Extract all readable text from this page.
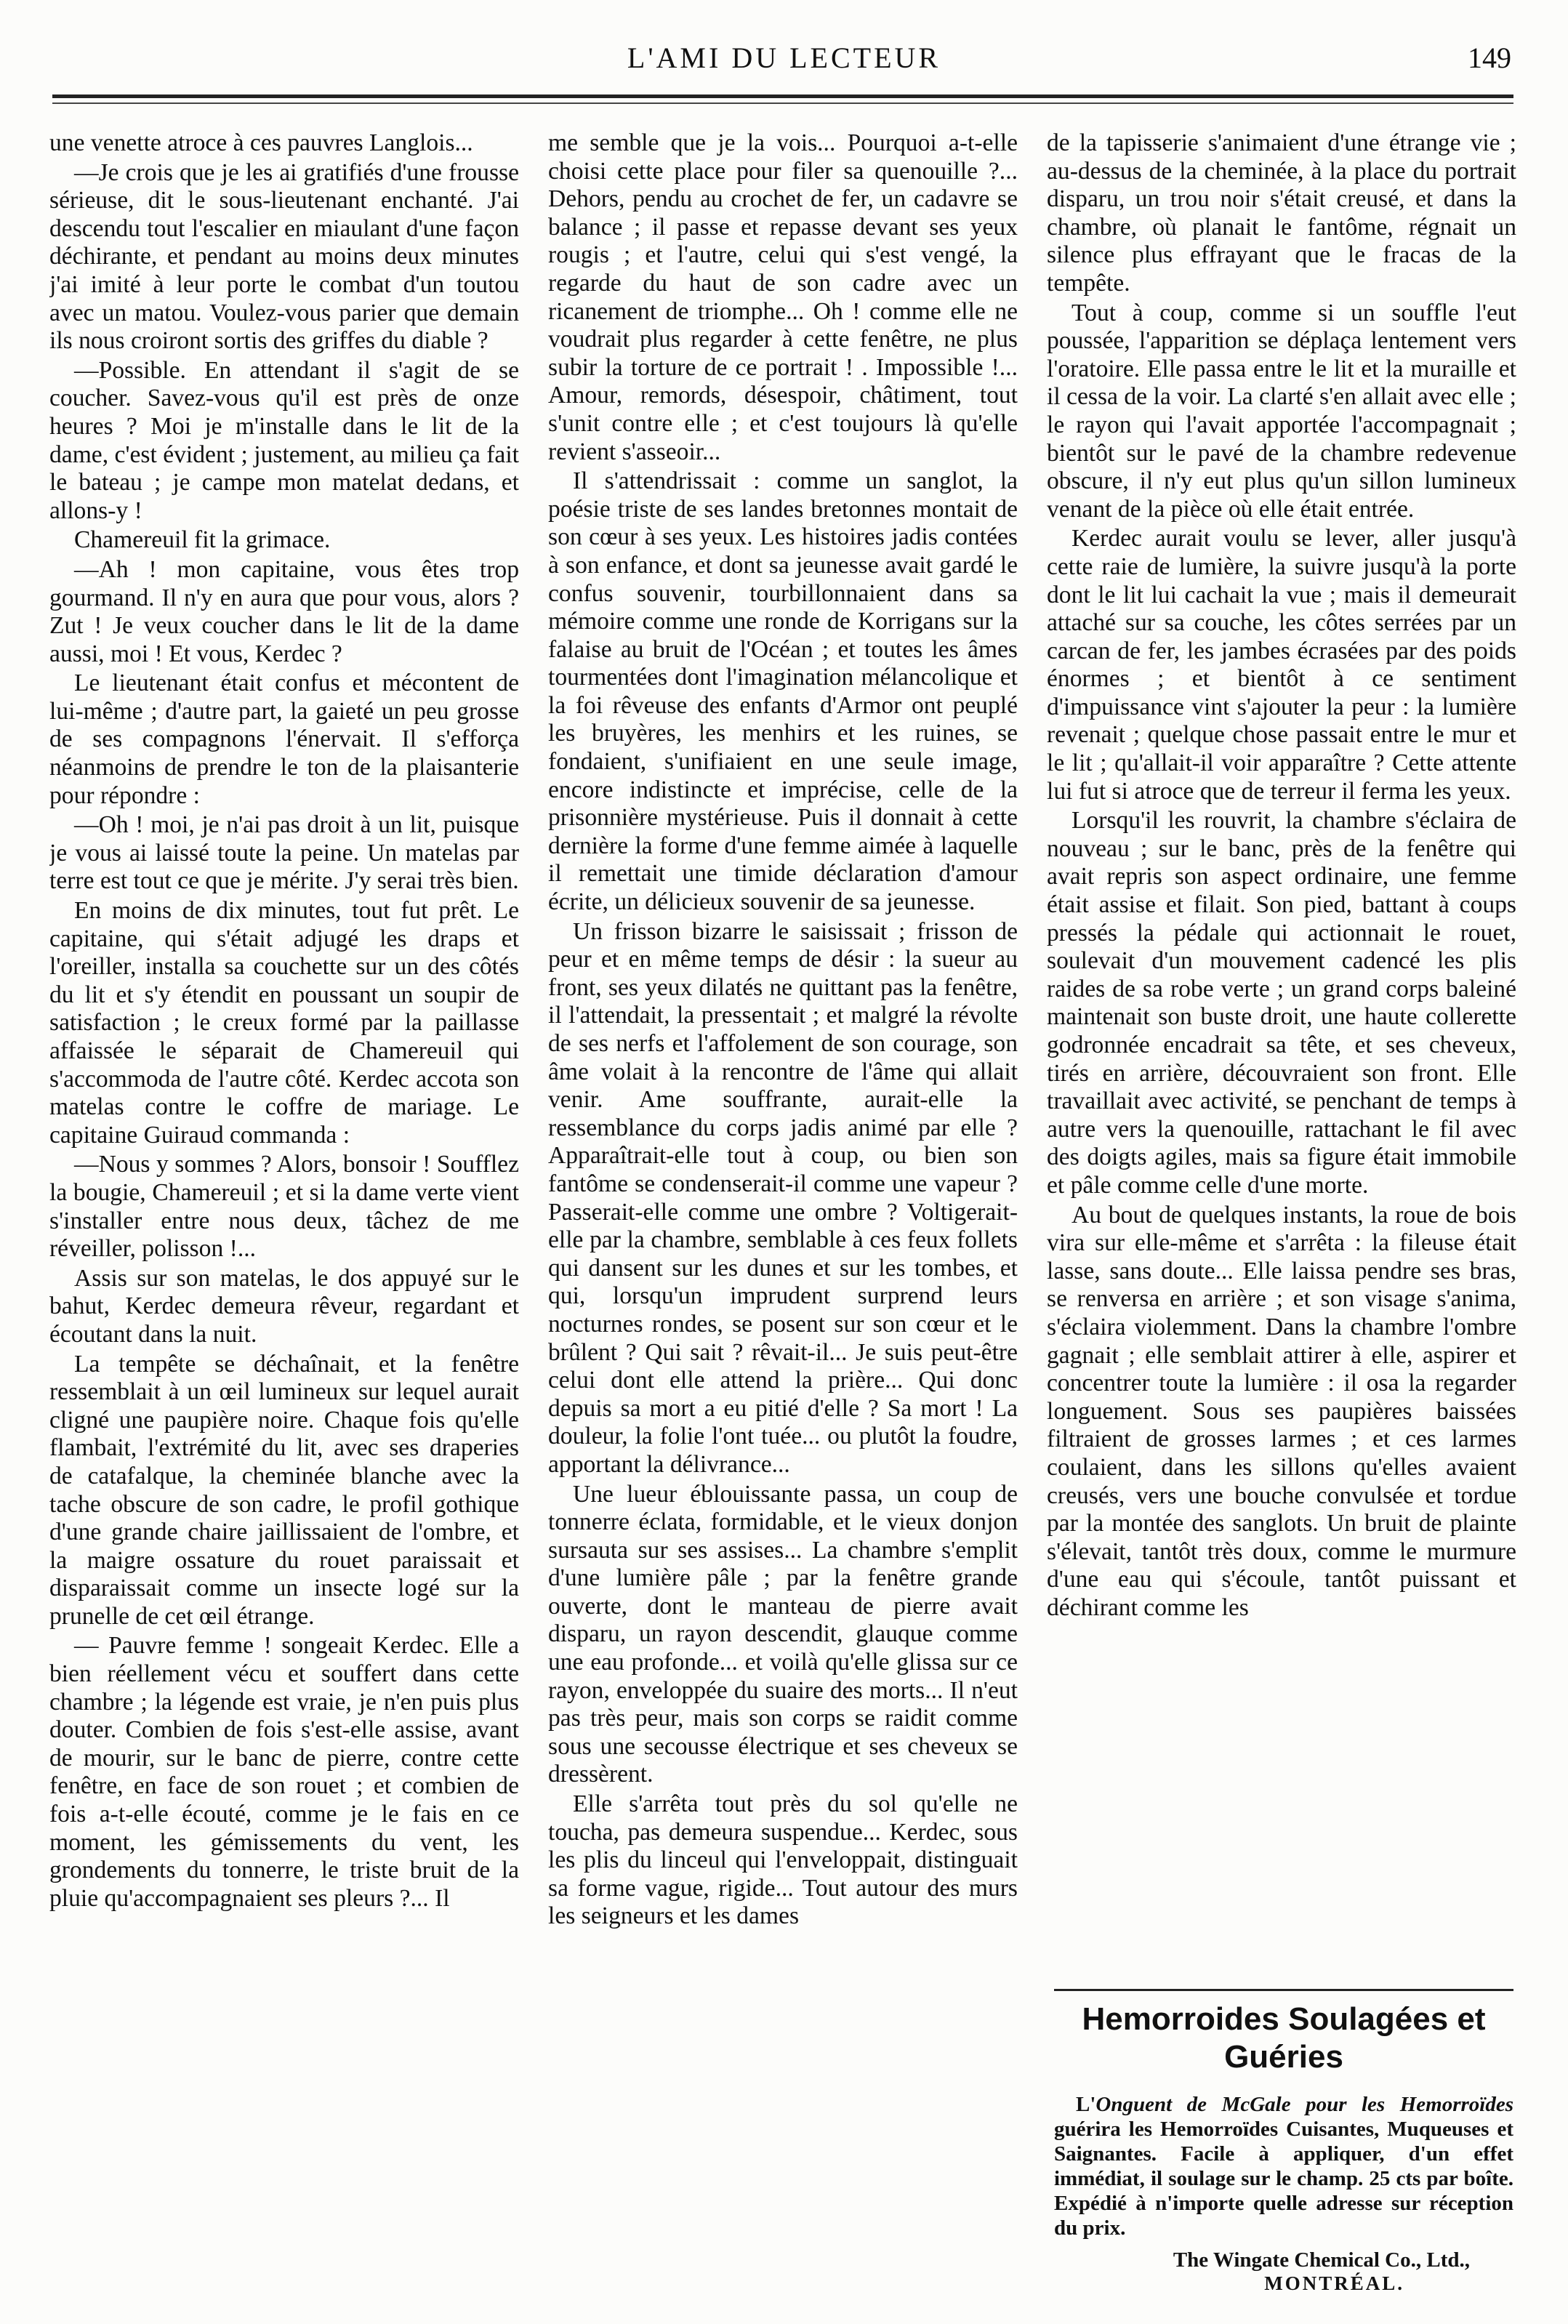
L'AMI DU LECTEUR	149

une venette atroce à ces pauvres Langlois...

—Je crois que je les ai gratifiés d'une frousse sérieuse, dit le sous-lieutenant enchanté. J'ai descendu tout l'escalier en miaulant d'une façon déchirante, et pendant au moins deux minutes j'ai imité à leur porte le combat d'un toutou avec un matou. Voulez-vous parier que demain ils nous croiront sortis des griffes du diable ?

—Possible. En attendant il s'agit de se coucher. Savez-vous qu'il est près de onze heures ? Moi je m'installe dans le lit de la dame, c'est évident ; justement, au milieu ça fait le bateau ; je campe mon matelat dedans, et allons-y !

Chamereuil fit la grimace.

—Ah ! mon capitaine, vous êtes trop gourmand. Il n'y en aura que pour vous, alors ? Zut ! Je veux coucher dans le lit de la dame aussi, moi ! Et vous, Kerdec ?

Le lieutenant était confus et mécontent de lui-même ; d'autre part, la gaieté un peu grosse de ses compagnons l'énervait. Il s'efforça néanmoins de prendre le ton de la plaisanterie pour répondre :

—Oh ! moi, je n'ai pas droit à un lit, puisque je vous ai laissé toute la peine. Un matelas par terre est tout ce que je mérite. J'y serai très bien.

En moins de dix minutes, tout fut prêt. Le capitaine, qui s'était adjugé les draps et l'oreiller, installa sa couchette sur un des côtés du lit et s'y étendit en poussant un soupir de satisfaction ; le creux formé par la paillasse affaissée le séparait de Chamereuil qui s'accommoda de l'autre côté. Kerdec accota son matelas contre le coffre de mariage. Le capitaine Guiraud commanda :

—Nous y sommes ? Alors, bonsoir ! Soufflez la bougie, Chamereuil ; et si la dame verte vient s'installer entre nous deux, tâchez de me réveiller, polisson !...

Assis sur son matelas, le dos appuyé sur le bahut, Kerdec demeura rêveur, regardant et écoutant dans la nuit.

La tempête se déchaînait, et la fenêtre ressemblait à un œil lumineux sur lequel aurait cligné une paupière noire. Chaque fois qu'elle flambait, l'extrémité du lit, avec ses draperies de catafalque, la cheminée blanche avec la tache obscure de son cadre, le profil gothique d'une grande chaire jaillissaient de l'ombre, et la maigre ossature du rouet paraissait et disparaissait comme un insecte logé sur la prunelle de cet œil étrange.

— Pauvre femme ! songeait Kerdec. Elle a bien réellement vécu et souffert dans cette chambre ; la légende est vraie, je n'en puis plus douter. Combien de fois s'est-elle assise, avant de mourir, sur le banc de pierre, contre cette fenêtre, en face de son rouet ; et combien de fois a-t-elle écouté, comme je le fais en ce moment, les gémissements du vent, les grondements du tonnerre, le triste bruit de la pluie qu'accompagnaient ses pleurs ?... Il

me semble que je la vois... Pourquoi a-t-elle choisi cette place pour filer sa quenouille ?... Dehors, pendu au crochet de fer, un cadavre se balance ; il passe et repasse devant ses yeux rougis ; et l'autre, celui qui s'est vengé, la regarde du haut de son cadre avec un ricanement de triomphe... Oh ! comme elle ne voudrait plus regarder à cette fenêtre, ne plus subir la torture de ce portrait ! . Impossible !... Amour, remords, désespoir, châtiment, tout s'unit contre elle ; et c'est toujours là qu'elle revient s'asseoir...

Il s'attendrissait : comme un sanglot, la poésie triste de ses landes bretonnes montait de son cœur à ses yeux. Les histoires jadis contées à son enfance, et dont sa jeunesse avait gardé le confus souvenir, tourbillonnaient dans sa mémoire comme une ronde de Korrigans sur la falaise au bruit de l'Océan ; et toutes les âmes tourmentées dont l'imagination mélancolique et la foi rêveuse des enfants d'Armor ont peuplé les bruyères, les menhirs et les ruines, se fondaient, s'unifiaient en une seule image, encore indistincte et imprécise, celle de la prisonnière mystérieuse. Puis il donnait à cette dernière la forme d'une femme aimée à laquelle il remettait une timide déclaration d'amour écrite, un délicieux souvenir de sa jeunesse.

Un frisson bizarre le saisissait ; frisson de peur et en même temps de désir : la sueur au front, ses yeux dilatés ne quittant pas la fenêtre, il l'attendait, la pressentait ; et malgré la révolte de ses nerfs et l'affolement de son courage, son âme volait à la rencontre de l'âme qui allait venir. Ame souffrante, aurait-elle la ressemblance du corps jadis animé par elle ? Apparaîtrait-elle tout à coup, ou bien son fantôme se condenserait-il comme une vapeur ? Passerait-elle comme une ombre ? Voltigerait-elle par la chambre, semblable à ces feux follets qui dansent sur les dunes et sur les tombes, et qui, lorsqu'un imprudent surprend leurs nocturnes rondes, se posent sur son cœur et le brûlent ? Qui sait ? rêvait-il... Je suis peut-être celui dont elle attend la prière... Qui donc depuis sa mort a eu pitié d'elle ? Sa mort ! La douleur, la folie l'ont tuée... ou plutôt la foudre, apportant la délivrance...

Une lueur éblouissante passa, un coup de tonnerre éclata, formidable, et le vieux donjon sursauta sur ses assises... La chambre s'emplit d'une lumière pâle ; par la fenêtre grande ouverte, dont le manteau de pierre avait disparu, un rayon descendit, glauque comme une eau profonde... et voilà qu'elle glissa sur ce rayon, enveloppée du suaire des morts... Il n'eut pas très peur, mais son corps se raidit comme sous une secousse électrique et ses cheveux se dressèrent.

Elle s'arrêta tout près du sol qu'elle ne toucha, pas demeura suspendue... Kerdec, sous les plis du linceul qui l'enveloppait, distinguait sa forme vague, rigide... Tout autour des murs les seigneurs et les dames

de la tapisserie s'animaient d'une étrange vie ; au-dessus de la cheminée, à la place du portrait disparu, un trou noir s'était creusé, et dans la chambre, où planait le fantôme, régnait un silence plus effrayant que le fracas de la tempête.

Tout à coup, comme si un souffle l'eut poussée, l'apparition se déplaça lentement vers l'oratoire. Elle passa entre le lit et la muraille et il cessa de la voir. La clarté s'en allait avec elle ; le rayon qui l'avait apportée l'accompagnait ; bientôt sur le pavé de la chambre redevenue obscure, il n'y eut plus qu'un sillon lumineux venant de la pièce où elle était entrée.

Kerdec aurait voulu se lever, aller jusqu'à cette raie de lumière, la suivre jusqu'à la porte dont le lit lui cachait la vue ; mais il demeurait attaché sur sa couche, les côtes serrées par un carcan de fer, les jambes écrasées par des poids énormes ; et bientôt à ce sentiment d'impuissance vint s'ajouter la peur : la lumière revenait ; quelque chose passait entre le mur et le lit ; qu'allait-il voir apparaître ? Cette attente lui fut si atroce que de terreur il ferma les yeux.

Lorsqu'il les rouvrit, la chambre s'éclaira de nouveau ; sur le banc, près de la fenêtre qui avait repris son aspect ordinaire, une femme était assise et filait. Son pied, battant à coups pressés la pédale qui actionnait le rouet, soulevait d'un mouvement cadencé les plis raides de sa robe verte ; un grand corps baleiné maintenait son buste droit, une haute collerette godronnée encadrait sa tête, et ses cheveux, tirés en arrière, découvraient son front. Elle travaillait avec activité, se penchant de temps à autre vers la quenouille, rattachant le fil avec des doigts agiles, mais sa figure était immobile et pâle comme celle d'une morte.

Au bout de quelques instants, la roue de bois vira sur elle-même et s'arrêta : la fileuse était lasse, sans doute... Elle laissa pendre ses bras, se renversa en arrière ; et son visage s'anima, s'éclaira violemment. Dans la chambre l'ombre gagnait ; elle semblait attirer à elle, aspirer et concentrer toute la lumière : il osa la regarder longuement. Sous ses paupières baissées filtraient de grosses larmes ; et ces larmes coulaient, dans les sillons qu'elles avaient creusés, vers une bouche convulsée et tordue par la montée des sanglots. Un bruit de plainte s'élevait, tantôt très doux, comme le murmure d'une eau qui s'écoule, tantôt puissant et déchirant comme les

Hemorroides Soulagées et Guéries

L'Onguent de McGale pour les Hemorroïdes guérira les Hemorroïdes Cuisantes, Muqueuses et Saignantes. Facile à appliquer, d'un effet immédiat, il soulage sur le champ. 25 cts par boîte. Expédié à n'importe quelle adresse sur réception du prix.

The Wingate Chemical Co., Ltd.,
MONTRÉAL.
